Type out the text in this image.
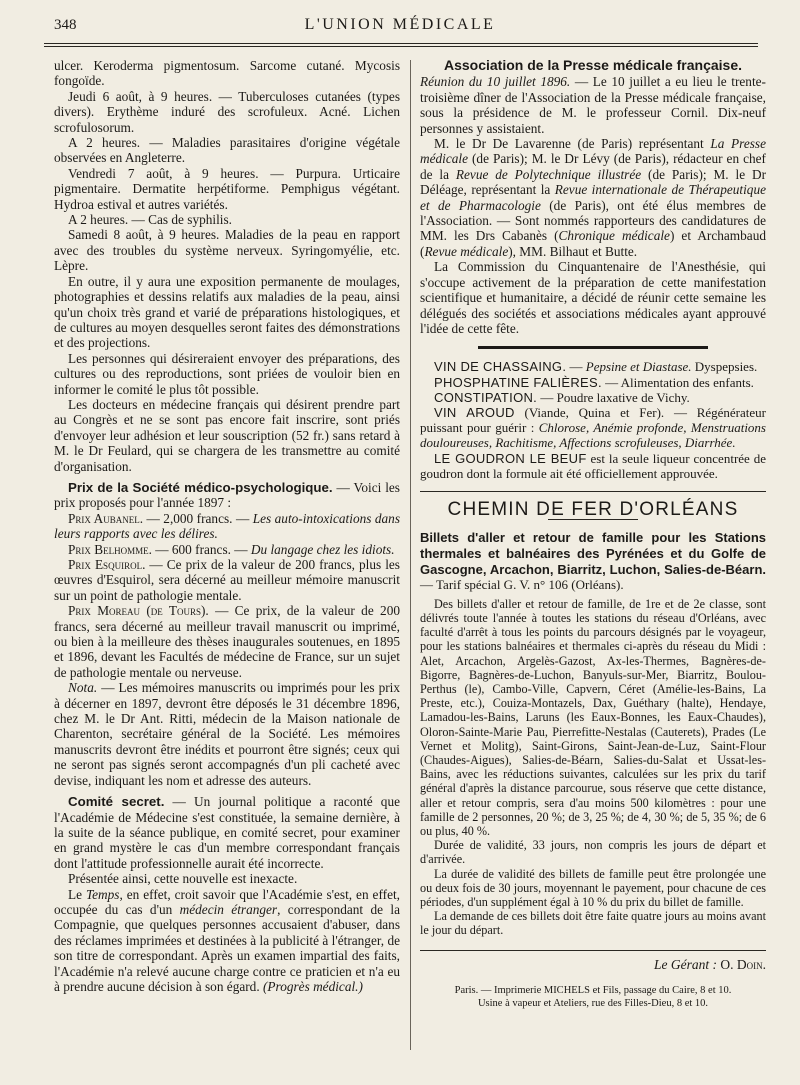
348	L'UNION MÉDICALE

ulcer. Keroderma pigmentosum. Sarcome cutané. Mycosis fongoïde.

Jeudi 6 août, à 9 heures. — Tuberculoses cutanées (types divers). Erythème induré des scrofuleux. Acné. Lichen scrofulosorum.

A 2 heures. — Maladies parasitaires d'origine végétale observées en Angleterre.

Vendredi 7 août, à 9 heures. — Purpura. Urticaire pigmentaire. Dermatite herpétiforme. Pemphigus végétant. Hydroa estival et autres variétés.

A 2 heures. — Cas de syphilis.

Samedi 8 août, à 9 heures. Maladies de la peau en rapport avec des troubles du système nerveux. Syringomyélie, etc. Lèpre.

En outre, il y aura une exposition permanente de moulages, photographies et dessins relatifs aux maladies de la peau, ainsi qu'un choix très grand et varié de préparations histologiques, et de cultures au moyen desquelles seront faites des démonstrations et des projections.

Les personnes qui désireraient envoyer des préparations, des cultures ou des reproductions, sont priées de vouloir bien en informer le comité le plus tôt possible.

Les docteurs en médecine français qui désirent prendre part au Congrès et ne se sont pas encore fait inscrire, sont priés d'envoyer leur adhésion et leur souscription (52 fr.) sans retard à M. le Dr Feulard, qui se chargera de les transmettre au comité d'organisation.

Prix de la Société médico-psychologique. — Voici les prix proposés pour l'année 1897 :

Prix Aubanel. — 2,000 francs. — Les auto-intoxications dans leurs rapports avec les délires.

Prix Belhomme. — 600 francs. — Du langage chez les idiots.

Prix Esquirol. — Ce prix de la valeur de 200 francs, plus les œuvres d'Esquirol, sera décerné au meilleur mémoire manuscrit sur un point de pathologie mentale.

Prix Moreau (de Tours). — Ce prix, de la valeur de 200 francs, sera décerné au meilleur travail manuscrit ou imprimé, ou bien à la meilleure des thèses inaugurales soutenues, en 1895 et 1896, devant les Facultés de médecine de France, sur un sujet de pathologie mentale ou nerveuse.

Nota. — Les mémoires manuscrits ou imprimés pour les prix à décerner en 1897, devront être déposés le 31 décembre 1896, chez M. le Dr Ant. Ritti, médecin de la Maison nationale de Charenton, secrétaire général de la Société. Les mémoires manuscrits devront être inédits et pourront être signés; ceux qui ne seront pas signés seront accompagnés d'un pli cacheté avec devise, indiquant les nom et adresse des auteurs.

Comité secret. — Un journal politique a raconté que l'Académie de Médecine s'est constituée, la semaine dernière, à la suite de la séance publique, en comité secret, pour examiner en grand mystère le cas d'un membre correspondant français dont l'attitude professionnelle aurait été incorrecte.

Présentée ainsi, cette nouvelle est inexacte.

Le Temps, en effet, croit savoir que l'Académie s'est, en effet, occupée du cas d'un médecin étranger, correspondant de la Compagnie, que quelques personnes accusaient d'abuser, dans des réclames imprimées et destinées à la publicité à l'étranger, de son titre de correspondant. Après un examen impartial des faits, l'Académie n'a relevé aucune charge contre ce praticien et n'a eu à prendre aucune décision à son égard. (Progrès médical.)

Association de la Presse médicale française.

Réunion du 10 juillet 1896. — Le 10 juillet a eu lieu le trente-troisième dîner de l'Association de la Presse médicale française, sous la présidence de M. le professeur Cornil. Dix-neuf personnes y assistaient.

M. le Dr De Lavarenne (de Paris) représentant La Presse médicale (de Paris); M. le Dr Lévy (de Paris), rédacteur en chef de la Revue de Polytechnique illustrée (de Paris); M. le Dr Déléage, représentant la Revue internationale de Thérapeutique et de Pharmacologie (de Paris), ont été élus membres de l'Association. — Sont nommés rapporteurs des candidatures de MM. les Drs Cabanès (Chronique médicale) et Archambaud (Revue médicale), MM. Bilhaut et Butte.

La Commission du Cinquantenaire de l'Anesthésie, qui s'occupe activement de la préparation de cette manifestation scientifique et humanitaire, a décidé de réunir cette semaine les délégués des sociétés et associations médicales ayant approuvé l'idée de cette fête.

VIN DE CHASSAING. — Pepsine et Diastase. Dyspepsies.

PHOSPHATINE FALIÈRES. — Alimentation des enfants.

CONSTIPATION. — Poudre laxative de Vichy.

VIN AROUD (Viande, Quina et Fer). — Régénérateur puissant pour guérir : Chlorose, Anémie profonde, Menstruations douloureuses, Rachitisme, Affections scrofuleuses, Diarrhée.

LE GOUDRON LE BEUF est la seule liqueur concentrée de goudron dont la formule ait été officiellement approuvée.

CHEMIN DE FER D'ORLÉANS

Billets d'aller et retour de famille pour les Stations thermales et balnéaires des Pyrénées et du Golfe de Gascogne, Arcachon, Biarritz, Luchon, Salies-de-Béarn. — Tarif spécial G. V. n° 106 (Orléans).

Des billets d'aller et retour de famille, de 1re et de 2e classe, sont délivrés toute l'année à toutes les stations du réseau d'Orléans, avec faculté d'arrêt à tous les points du parcours désignés par le voyageur, pour les stations balnéaires et thermales ci-après du réseau du Midi : Alet, Arcachon, Argelès-Gazost, Ax-les-Thermes, Bagnères-de-Bigorre, Bagnères-de-Luchon, Banyuls-sur-Mer, Biarritz, Boulou-Perthus (le), Cambo-Ville, Capvern, Céret (Amélie-les-Bains, La Preste, etc.), Couiza-Montazels, Dax, Guéthary (halte), Hendaye, Lamadou-les-Bains, Laruns (les Eaux-Bonnes, les Eaux-Chaudes), Oloron-Sainte-Marie Pau, Pierrefitte-Nestalas (Cauterets), Prades (Le Vernet et Molitg), Saint-Girons, Saint-Jean-de-Luz, Saint-Flour (Chaudes-Aigues), Salies-de-Béarn, Salies-du-Salat et Ussat-les-Bains, avec les réductions suivantes, calculées sur les prix du tarif général d'après la distance parcourue, sous réserve que cette distance, aller et retour compris, sera d'au moins 500 kilomètres : pour une famille de 2 personnes, 20 %; de 3, 25 %; de 4, 30 %; de 5, 35 %; de 6 ou plus, 40 %.

Durée de validité, 33 jours, non compris les jours de départ et d'arrivée.

La durée de validité des billets de famille peut être prolongée une ou deux fois de 30 jours, moyennant le payement, pour chacune de ces périodes, d'un supplément égal à 10 % du prix du billet de famille.

La demande de ces billets doit être faite quatre jours au moins avant le jour du départ.

Le Gérant : O. Doin.
Paris. — Imprimerie MICHELS et Fils, passage du Caire, 8 et 10.
Usine à vapeur et Ateliers, rue des Filles-Dieu, 8 et 10.
